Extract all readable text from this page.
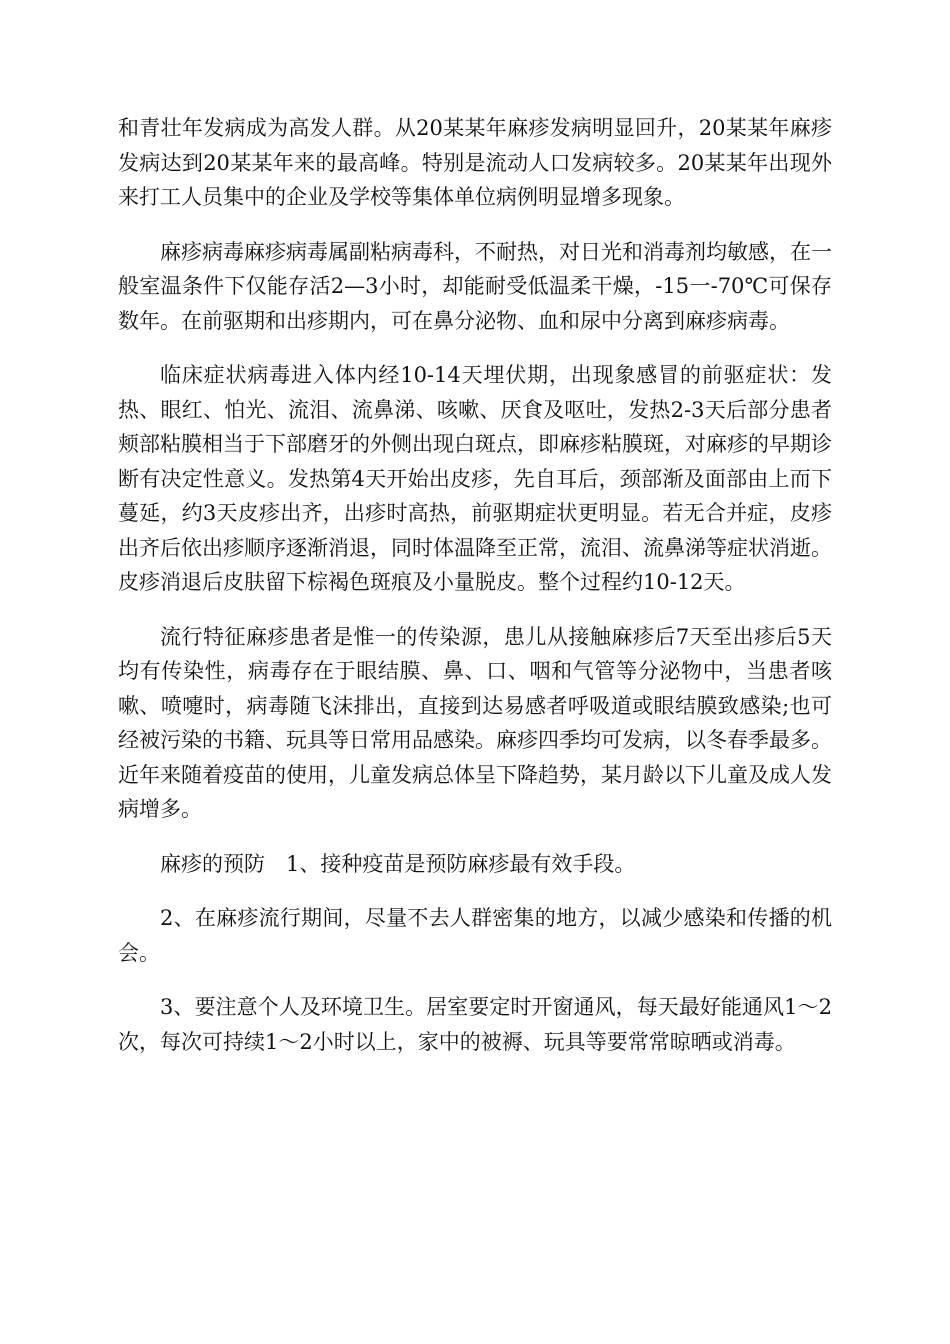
和青壮年发病成为高发人群。从20某某年麻疹发病明显回升，20某某年麻疹发病达到20某某年来的最高峰。特别是流动人口发病较多。20某某年出现外来打工人员集中的企业及学校等集体单位病例明显增多现象。

麻疹病毒麻疹病毒属副粘病毒科，不耐热，对日光和消毒剂均敏感，在一般室温条件下仅能存活2—3小时，却能耐受低温柔干燥，-15一-70℃可保存数年。在前驱期和出疹期内，可在鼻分泌物、血和尿中分离到麻疹病毒。

临床症状病毒进入体内经10-14天埋伏期，出现象感冒的前驱症状：发热、眼红、怕光、流泪、流鼻涕、咳嗽、厌食及呕吐，发热2-3天后部分患者颊部粘膜相当于下部磨牙的外侧出现白斑点，即麻疹粘膜斑，对麻疹的早期诊断有决定性意义。发热第4天开始出皮疹，先自耳后，颈部渐及面部由上而下蔓延，约3天皮疹出齐，出疹时高热，前驱期症状更明显。若无合并症，皮疹出齐后依出疹顺序逐渐消退，同时体温降至正常，流泪、流鼻涕等症状消逝。皮疹消退后皮肤留下棕褐色斑痕及小量脱皮。整个过程约10-12天。

流行特征麻疹患者是惟一的传染源，患儿从接触麻疹后7天至出疹后5天均有传染性，病毒存在于眼结膜、鼻、口、咽和气管等分泌物中，当患者咳嗽、喷嚏时，病毒随飞沫排出，直接到达易感者呼吸道或眼结膜致感染;也可经被污染的书籍、玩具等日常用品感染。麻疹四季均可发病，以冬春季最多。近年来随着疫苗的使用，儿童发病总体呈下降趋势，某月龄以下儿童及成人发病增多。

麻疹的预防　1、接种疫苗是预防麻疹最有效手段。

2、在麻疹流行期间，尽量不去人群密集的地方，以减少感染和传播的机会。

3、要注意个人及环境卫生。居室要定时开窗通风，每天最好能通风1～2次，每次可持续1～2小时以上，家中的被褥、玩具等要常常晾晒或消毒。
